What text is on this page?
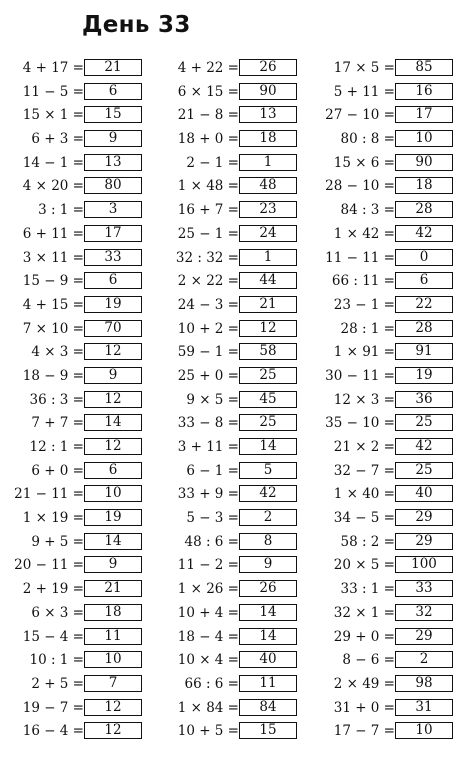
День 33
4 + 17 =	21
11 − 5 =	6
15 × 1 =	15
6 + 3 =	9
14 − 1 =	13
4 × 20 =	80
3 : 1 =	3
6 + 11 =	17
3 × 11 =	33
15 − 9 =	6
4 + 15 =	19
7 × 10 =	70
4 × 3 =	12
18 − 9 =	9
36 : 3 =	12
7 + 7 =	14
12 : 1 =	12
6 + 0 =	6
21 − 11 =	10
1 × 19 =	19
9 + 5 =	14
20 − 11 =	9
2 + 19 =	21
6 × 3 =	18
15 − 4 =	11
10 : 1 =	10
2 + 5 =	7
19 − 7 =	12
16 − 4 =	12
4 + 22 =	26
6 × 15 =	90
21 − 8 =	13
18 + 0 =	18
2 − 1 =	1
1 × 48 =	48
16 + 7 =	23
25 − 1 =	24
32 : 32 =	1
2 × 22 =	44
24 − 3 =	21
10 + 2 =	12
59 − 1 =	58
25 + 0 =	25
9 × 5 =	45
33 − 8 =	25
3 + 11 =	14
6 − 1 =	5
33 + 9 =	42
5 − 3 =	2
48 : 6 =	8
11 − 2 =	9
1 × 26 =	26
10 + 4 =	14
18 − 4 =	14
10 × 4 =	40
66 : 6 =	11
1 × 84 =	84
10 + 5 =	15
17 × 5 =	85
5 + 11 =	16
27 − 10 =	17
80 : 8 =	10
15 × 6 =	90
28 − 10 =	18
84 : 3 =	28
1 × 42 =	42
11 − 11 =	0
66 : 11 =	6
23 − 1 =	22
28 : 1 =	28
1 × 91 =	91
30 − 11 =	19
12 × 3 =	36
35 − 10 =	25
21 × 2 =	42
32 − 7 =	25
1 × 40 =	40
34 − 5 =	29
58 : 2 =	29
20 × 5 =	100
33 : 1 =	33
32 × 1 =	32
29 + 0 =	29
8 − 6 =	2
2 × 49 =	98
31 + 0 =	31
17 − 7 =	10
